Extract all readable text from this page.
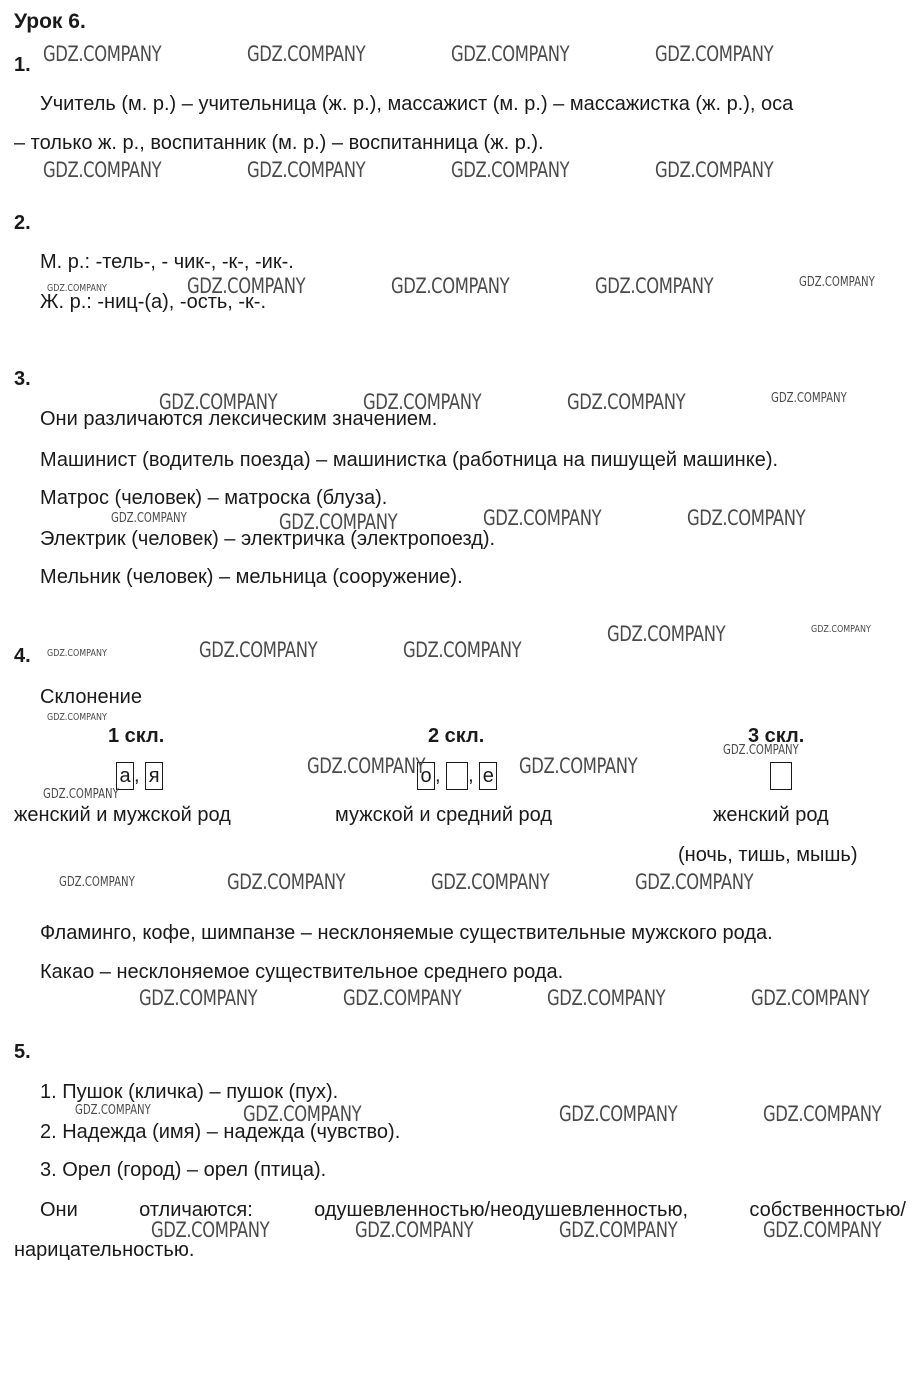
Урок 6.
1.
Учитель (м. р.) – учительница (ж. р.), массажист (м. р.) – массажистка (ж. р.), оса
– только ж. р., воспитанник (м. р.) – воспитанница (ж. р.).
2.
М. р.: -тель-, - чик-, -к-, -ик-.
Ж. р.: -ниц-(а), -ость, -к-.
3.
Они различаются лексическим значением.
Машинист (водитель поезда) – машинистка (работница на пишущей машинке).
Матрос (человек) – матроска (блуза).
Электрик (человек) – электричка (электропоезд).
Мельник (человек) – мельница (сооружение).
4.
Склонение
1 скл.	2 скл.	3 скл.
а , я	о , , е
женский и мужской род	мужской и средний род	женский род
(ночь, тишь, мышь)
Фламинго, кофе, шимпанзе – несклоняемые существительные мужского рода.
Какао – несклоняемое существительное среднего рода.
5.
1. Пушок (кличка) – пушок (пух).
2. Надежда (имя) – надежда (чувство).
3. Орел (город) – орел (птица).
Они	отличаются:	одушевленностью/неодушевленностью,	собственностью/
нарицательностью.
GDZ.COMPANY	GDZ.COMPANY	GDZ.COMPANY	GDZ.COMPANY
GDZ.COMPANY	GDZ.COMPANY	GDZ.COMPANY	GDZ.COMPANY
GDZ.COMPANY	GDZ.COMPANY	GDZ.COMPANY	GDZ.COMPANY	GDZ.COMPANY
GDZ.COMPANY	GDZ.COMPANY	GDZ.COMPANY	GDZ.COMPANY
GDZ.COMPANY	GDZ.COMPANY	GDZ.COMPANY	GDZ.COMPANY
GDZ.COMPANY	GDZ.COMPANY	GDZ.COMPANY
GDZ.COMPANY	GDZ.COMPANY
GDZ.COMPANY
GDZ.COMPANY
GDZ.COMPANY	GDZ.COMPANY
GDZ.COMPANY
GDZ.COMPANY	GDZ.COMPANY	GDZ.COMPANY	GDZ.COMPANY
GDZ.COMPANY	GDZ.COMPANY	GDZ.COMPANY	GDZ.COMPANY
GDZ.COMPANY	GDZ.COMPANY	GDZ.COMPANY	GDZ.COMPANY
GDZ.COMPANY	GDZ.COMPANY	GDZ.COMPANY	GDZ.COMPANY
